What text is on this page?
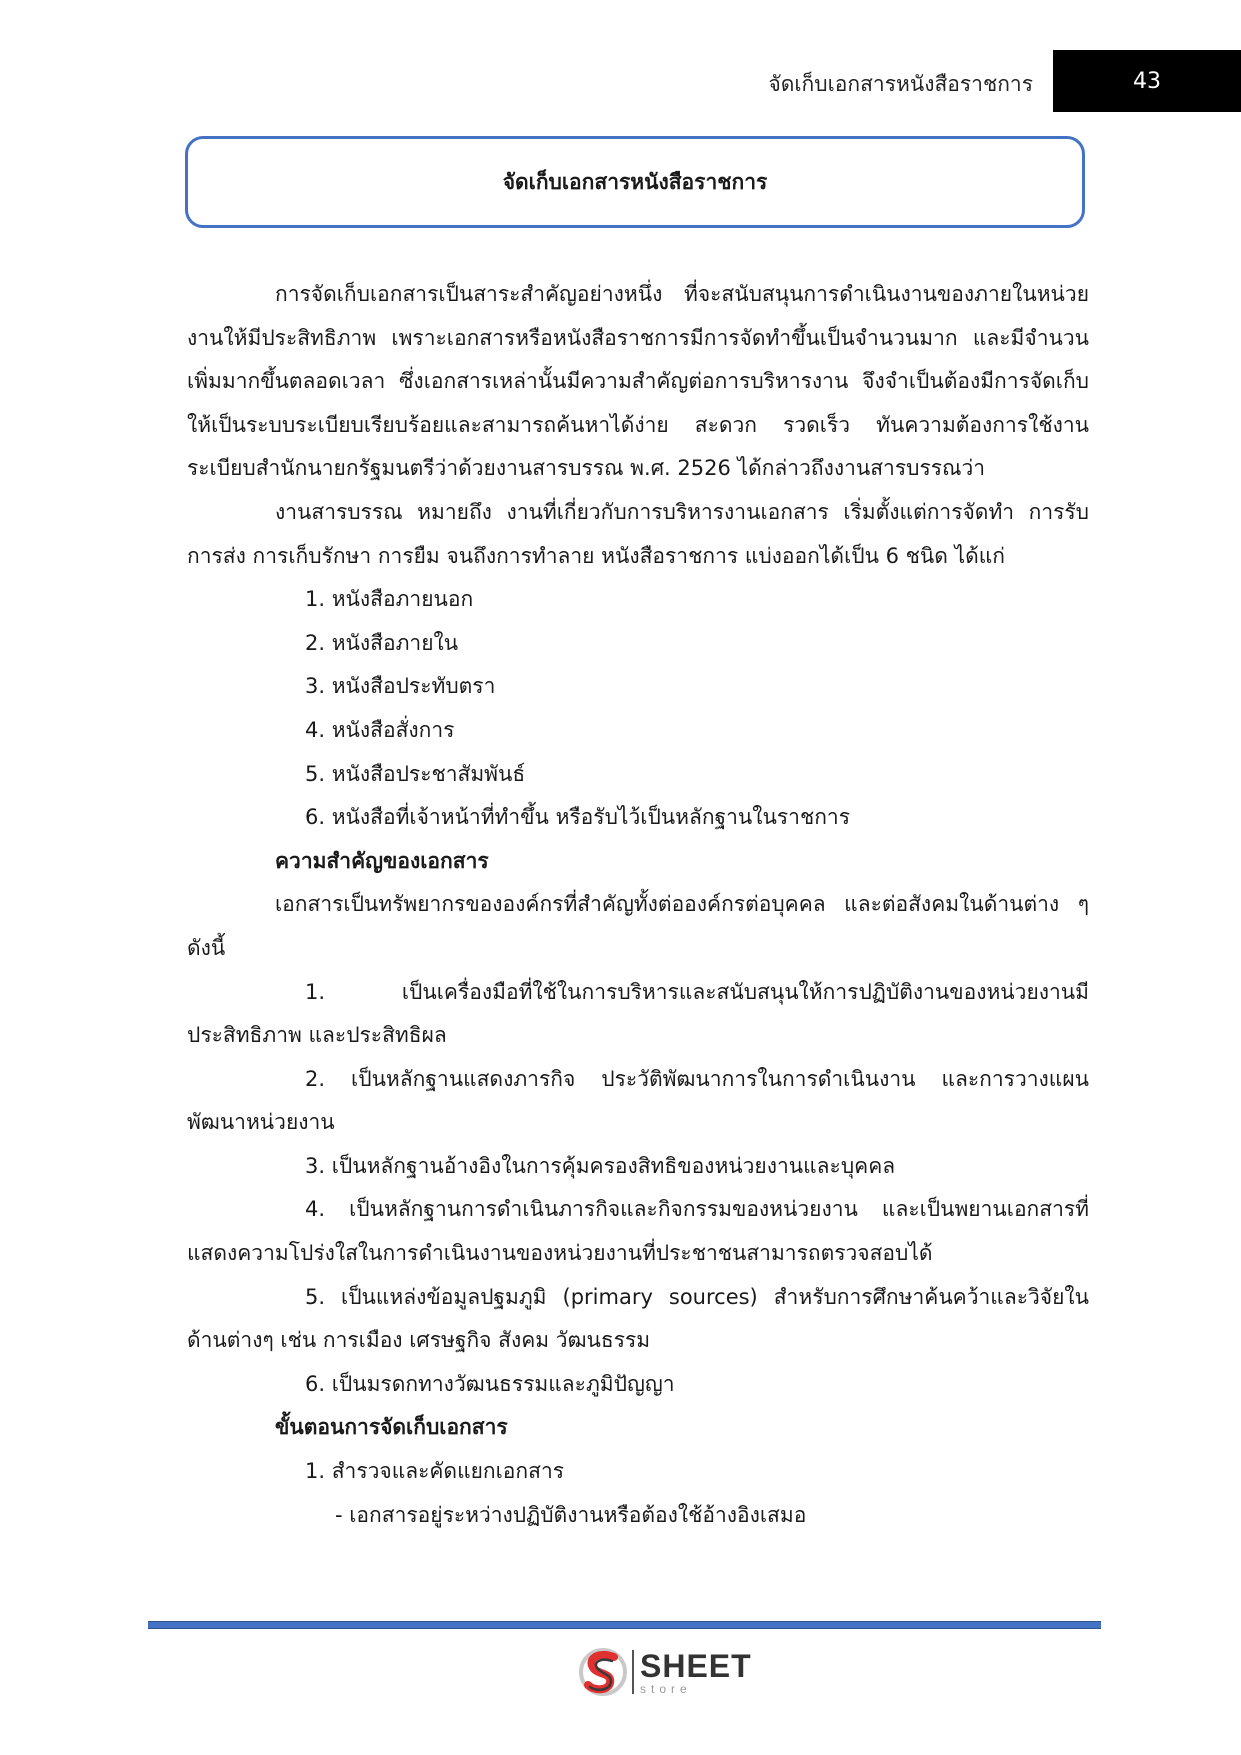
จัดเก็บเอกสารหนังสือราชการ	43
จัดเก็บเอกสารหนังสือราชการ

การจัดเก็บเอกสารเป็นสาระสำคัญอย่างหนึ่ง ที่จะสนับสนุนการดำเนินงานของภายในหน่วยงานให้มีประสิทธิภาพ เพราะเอกสารหรือหนังสือราชการมีการจัดทำขึ้นเป็นจำนวนมาก และมีจำนวนเพิ่มมากขึ้นตลอดเวลา ซึ่งเอกสารเหล่านั้นมีความสำคัญต่อการบริหารงาน จึงจำเป็นต้องมีการจัดเก็บให้เป็นระบบระเบียบเรียบร้อยและสามารถค้นหาได้ง่าย สะดวก รวดเร็ว ทันความต้องการใช้งานระเบียบสำนักนายกรัฐมนตรีว่าด้วยงานสารบรรณ พ.ศ. 2526 ได้กล่าวถึงงานสารบรรณว่า

งานสารบรรณ หมายถึง งานที่เกี่ยวกับการบริหารงานเอกสาร เริ่มตั้งแต่การจัดทำ การรับ การส่ง การเก็บรักษา การยืม จนถึงการทำลาย หนังสือราชการ แบ่งออกได้เป็น 6 ชนิด ได้แก่

1. หนังสือภายนอก

2. หนังสือภายใน

3. หนังสือประทับตรา

4. หนังสือสั่งการ

5. หนังสือประชาสัมพันธ์

6. หนังสือที่เจ้าหน้าที่ทำขึ้น หรือรับไว้เป็นหลักฐานในราชการ

ความสำคัญของเอกสาร

เอกสารเป็นทรัพยากรขององค์กรที่สำคัญทั้งต่อองค์กรต่อบุคคล และต่อสังคมในด้านต่าง ๆ ดังนี้

1. เป็นเครื่องมือที่ใช้ในการบริหารและสนับสนุนให้การปฏิบัติงานของหน่วยงานมีประสิทธิภาพ และประสิทธิผล

2. เป็นหลักฐานแสดงภารกิจ ประวัติพัฒนาการในการดำเนินงาน และการวางแผนพัฒนาหน่วยงาน

3. เป็นหลักฐานอ้างอิงในการคุ้มครองสิทธิของหน่วยงานและบุคคล

4. เป็นหลักฐานการดำเนินภารกิจและกิจกรรมของหน่วยงาน และเป็นพยานเอกสารที่แสดงความโปร่งใสในการดำเนินงานของหน่วยงานที่ประชาชนสามารถตรวจสอบได้

5. เป็นแหล่งข้อมูลปฐมภูมิ (primary sources) สำหรับการศึกษาค้นคว้าและวิจัยในด้านต่างๆ เช่น การเมือง เศรษฐกิจ สังคม วัฒนธรรม

6. เป็นมรดกทางวัฒนธรรมและภูมิปัญญา

ขั้นตอนการจัดเก็บเอกสาร

1. สำรวจและคัดแยกเอกสาร

- เอกสารอยู่ระหว่างปฏิบัติงานหรือต้องใช้อ้างอิงเสมอ

SHEET
store
